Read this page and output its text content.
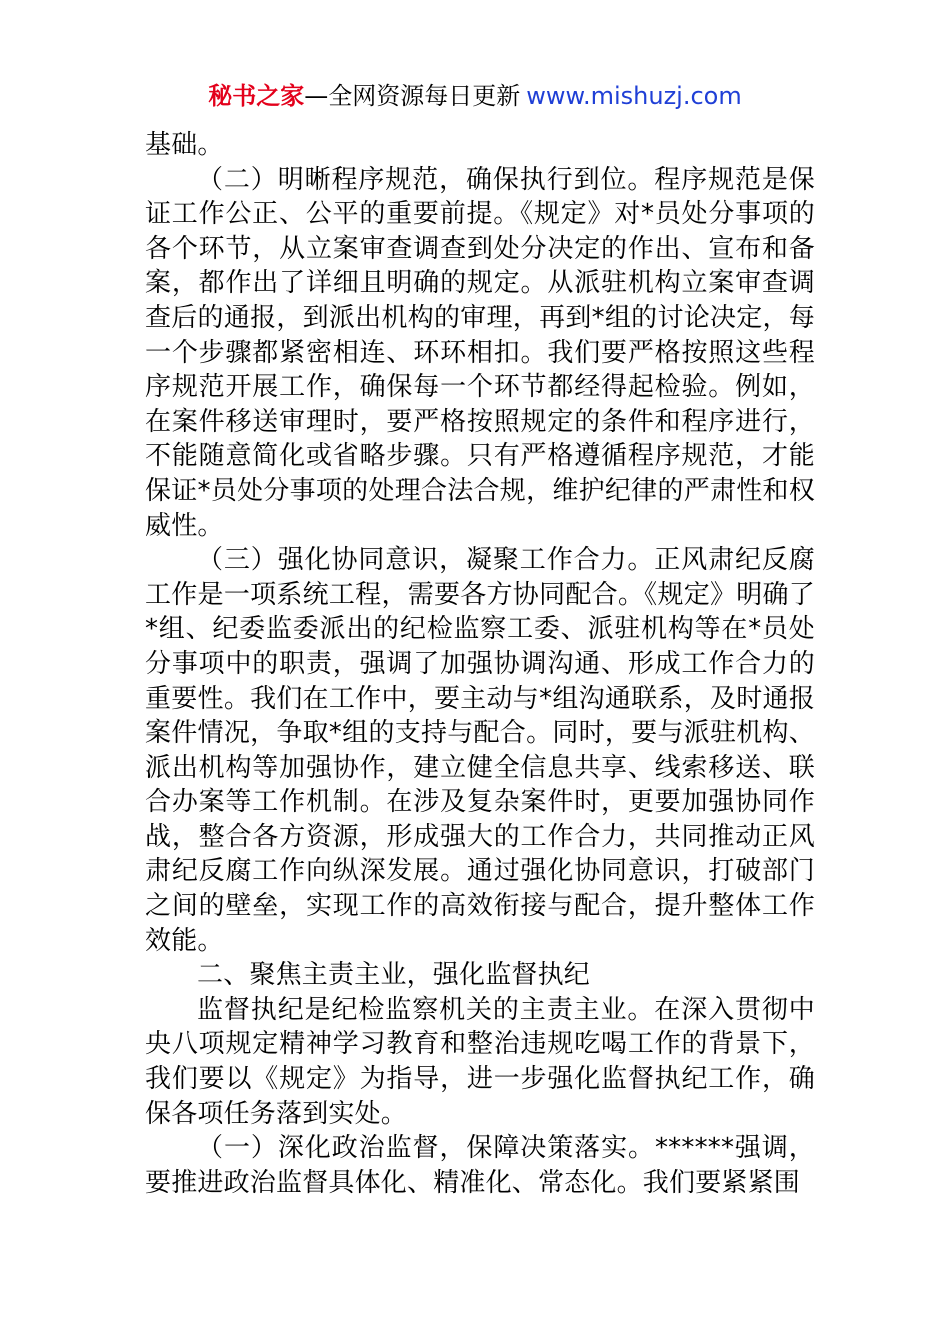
秘书之家—全网资源每日更新 www.mishuzj.com

基础。

（二）明晰程序规范，确保执行到位。程序规范是保证工作公正、公平的重要前提。《规定》对*员处分事项的各个环节，从立案审查调查到处分决定的作出、宣布和备案，都作出了详细且明确的规定。从派驻机构立案审查调查后的通报，到派出机构的审理，再到*组的讨论决定，每一个步骤都紧密相连、环环相扣。我们要严格按照这些程序规范开展工作，确保每一个环节都经得起检验。例如，在案件移送审理时，要严格按照规定的条件和程序进行，不能随意简化或省略步骤。只有严格遵循程序规范，才能保证*员处分事项的处理合法合规，维护纪律的严肃性和权威性。

（三）强化协同意识，凝聚工作合力。正风肃纪反腐工作是一项系统工程，需要各方协同配合。《规定》明确了*组、纪委监委派出的纪检监察工委、派驻机构等在*员处分事项中的职责，强调了加强协调沟通、形成工作合力的重要性。我们在工作中，要主动与*组沟通联系，及时通报案件情况，争取*组的支持与配合。同时，要与派驻机构、派出机构等加强协作，建立健全信息共享、线索移送、联合办案等工作机制。在涉及复杂案件时，更要加强协同作战，整合各方资源，形成强大的工作合力，共同推动正风肃纪反腐工作向纵深发展。通过强化协同意识，打破部门之间的壁垒，实现工作的高效衔接与配合，提升整体工作效能。

二、聚焦主责主业，强化监督执纪

监督执纪是纪检监察机关的主责主业。在深入贯彻中央八项规定精神学习教育和整治违规吃喝工作的背景下，我们要以《规定》为指导，进一步强化监督执纪工作，确保各项任务落到实处。

（一）深化政治监督，保障决策落实。******强调，要推进政治监督具体化、精准化、常态化。我们要紧紧围
